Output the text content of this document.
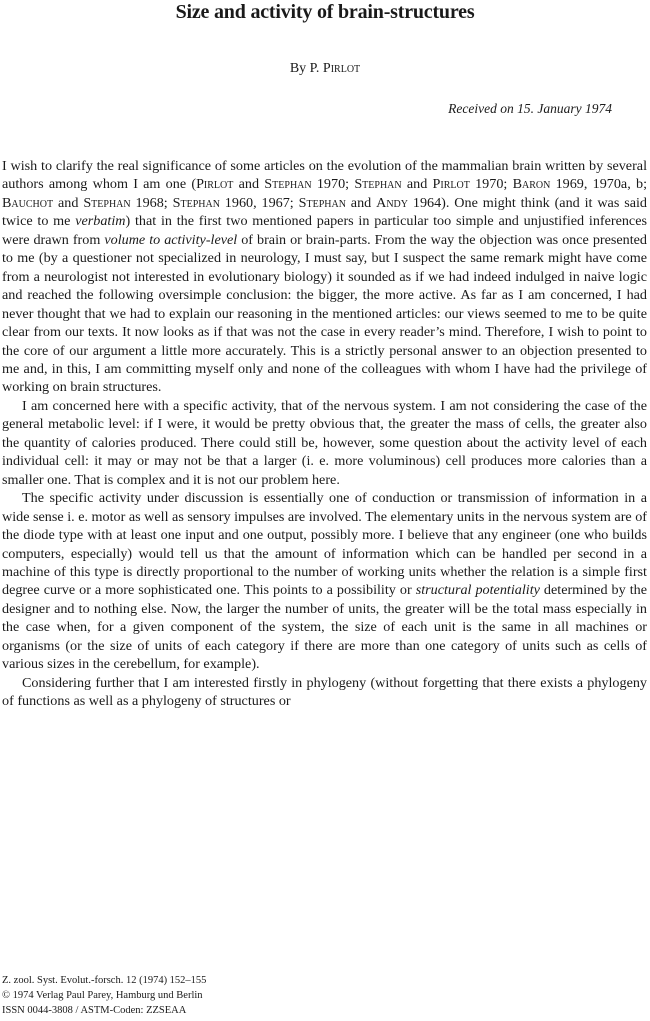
Size and activity of brain-structures
By P. Pirlot
Received on 15. January 1974

I wish to clarify the real significance of some articles on the evolution of the mammalian brain written by several authors among whom I am one (Pirlot and Stephan 1970; Stephan and Pirlot 1970; Baron 1969, 1970a, b; Bauchot and Stephan 1968; Stephan 1960, 1967; Stephan and Andy 1964). One might think (and it was said twice to me verbatim) that in the first two mentioned papers in particular too simple and unjustified inferences were drawn from volume to activity-level of brain or brain-parts. From the way the objection was once presented to me (by a questioner not specialized in neurology, I must say, but I suspect the same remark might have come from a neurologist not interested in evolutionary biology) it sounded as if we had indeed indulged in naive logic and reached the following oversimple conclusion: the bigger, the more active. As far as I am concerned, I had never thought that we had to explain our reasoning in the mentioned articles: our views seemed to me to be quite clear from our texts. It now looks as if that was not the case in every reader’s mind. Therefore, I wish to point to the core of our argument a little more accurately. This is a strictly personal answer to an objection presented to me and, in this, I am committing myself only and none of the colleagues with whom I have had the privilege of working on brain structures.

I am concerned here with a specific activity, that of the nervous system. I am not considering the case of the general metabolic level: if I were, it would be pretty obvious that, the greater the mass of cells, the greater also the quantity of calories produced. There could still be, however, some question about the activity level of each individual cell: it may or may not be that a larger (i. e. more voluminous) cell produces more calories than a smaller one. That is complex and it is not our problem here.

The specific activity under discussion is essentially one of conduction or transmission of information in a wide sense i. e. motor as well as sensory impulses are involved. The elementary units in the nervous system are of the diode type with at least one input and one output, possibly more. I believe that any engineer (one who builds computers, especially) would tell us that the amount of information which can be handled per second in a machine of this type is directly proportional to the number of working units whether the relation is a simple first degree curve or a more sophisticated one. This points to a possibility or structural potentiality determined by the designer and to nothing else. Now, the larger the number of units, the greater will be the total mass especially in the case when, for a given component of the system, the size of each unit is the same in all machines or organisms (or the size of units of each category if there are more than one category of units such as cells of various sizes in the cerebellum, for example).

Considering further that I am interested firstly in phylogeny (without forgetting that there exists a phylogeny of functions as well as a phylogeny of structures or

Z. zool. Syst. Evolut.-forsch. 12 (1974) 152–155
© 1974 Verlag Paul Parey, Hamburg und Berlin
ISSN 0044-3808 / ASTM-Coden: ZZSEAA
